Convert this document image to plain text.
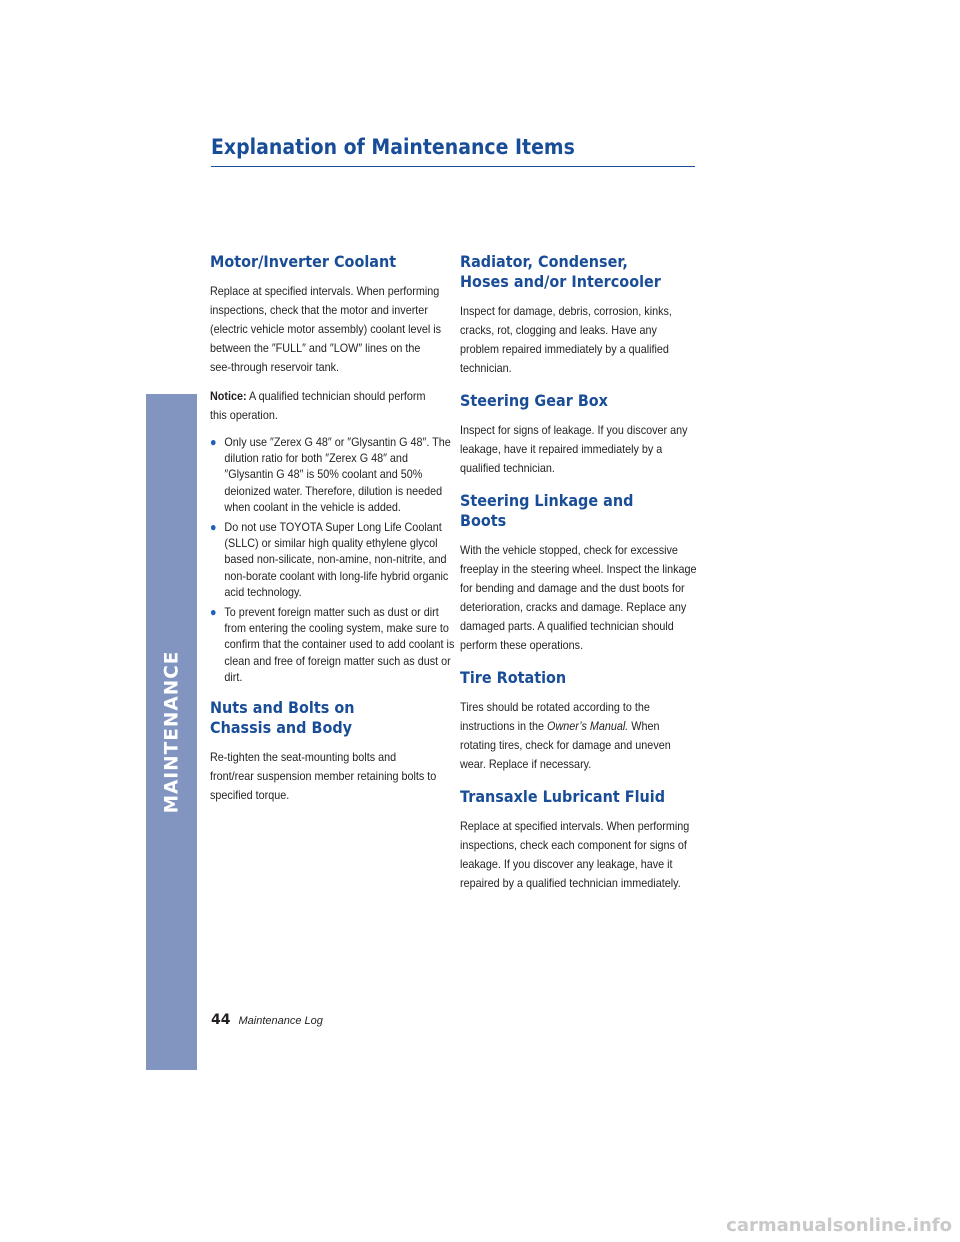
MAINTENANCE
Explanation of Maintenance Items
Motor/Inverter Coolant

Replace at specified intervals. When performing inspections, check that the motor and inverter (electric vehicle motor assembly) coolant level is between the ″FULL″ and ″LOW″ lines on the see-through reservoir tank.

Notice: A qualified technician should perform this operation.

● Only use ″Zerex G 48″ or ″Glysantin G 48″. The dilution ratio for both ″Zerex G 48″ and ″Glysantin G 48″ is 50% coolant and 50% deionized water. Therefore, dilution is needed when coolant in the vehicle is added.
● Do not use TOYOTA Super Long Life Coolant (SLLC) or similar high quality ethylene glycol based non-silicate, non-amine, non-nitrite, and non-borate coolant with long-life hybrid organic acid technology.
● To prevent foreign matter such as dust or dirt from entering the cooling system, make sure to confirm that the container used to add coolant is clean and free of foreign matter such as dust or dirt.
Nuts and Bolts on Chassis and Body

Re-tighten the seat-mounting bolts and front/rear suspension member retaining bolts to specified torque.

Radiator, Condenser, Hoses and/or Intercooler

Inspect for damage, debris, corrosion, kinks, cracks, rot, clogging and leaks. Have any problem repaired immediately by a qualified technician.

Steering Gear Box

Inspect for signs of leakage. If you discover any leakage, have it repaired immediately by a qualified technician.

Steering Linkage and Boots

With the vehicle stopped, check for excessive freeplay in the steering wheel. Inspect the linkage for bending and damage and the dust boots for deterioration, cracks and damage. Replace any damaged parts. A qualified technician should perform these operations.

Tire Rotation

Tires should be rotated according to the instructions in the Owner’s Manual. When rotating tires, check for damage and uneven wear. Replace if necessary.

Transaxle Lubricant Fluid

Replace at specified intervals. When performing inspections, check each component for signs of leakage. If you discover any leakage, have it repaired by a qualified technician immediately.

44 Maintenance Log
carmanualsonline.info
